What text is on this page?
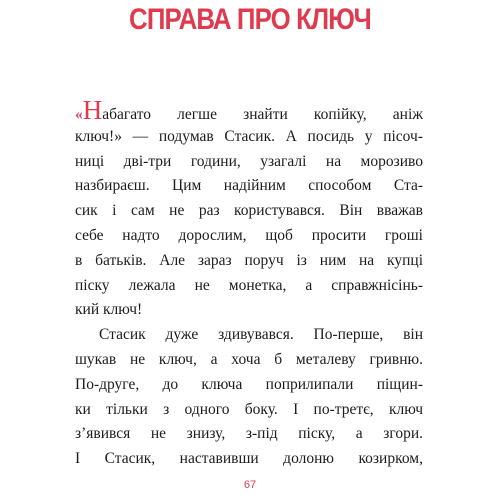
СПРАВА ПРО КЛЮЧ
«Набагато легше знайти копійку, аніж
ключ!» — подумав Стасик. А посидь у пісоч-
ниці дві-три години, узагалі на морозиво
назбираєш. Цим надійним способом Ста-
сик і сам не раз користувався. Він вважав
себе надто дорослим, щоб просити гроші
в батьків. Але зараз поруч із ним на купці
піску лежала не монетка, а справжнісінь-
кий ключ!
Стасик дуже здивувався. По-перше, він
шукав не ключ, а хоча б металеву гривню.
По-друге, до ключа поприлипали піщин-
ки тільки з одного боку. І по-третє, ключ
з’явився не знизу, з-під піску, а згори.
І Стасик, наставивши долоню козирком,
67
